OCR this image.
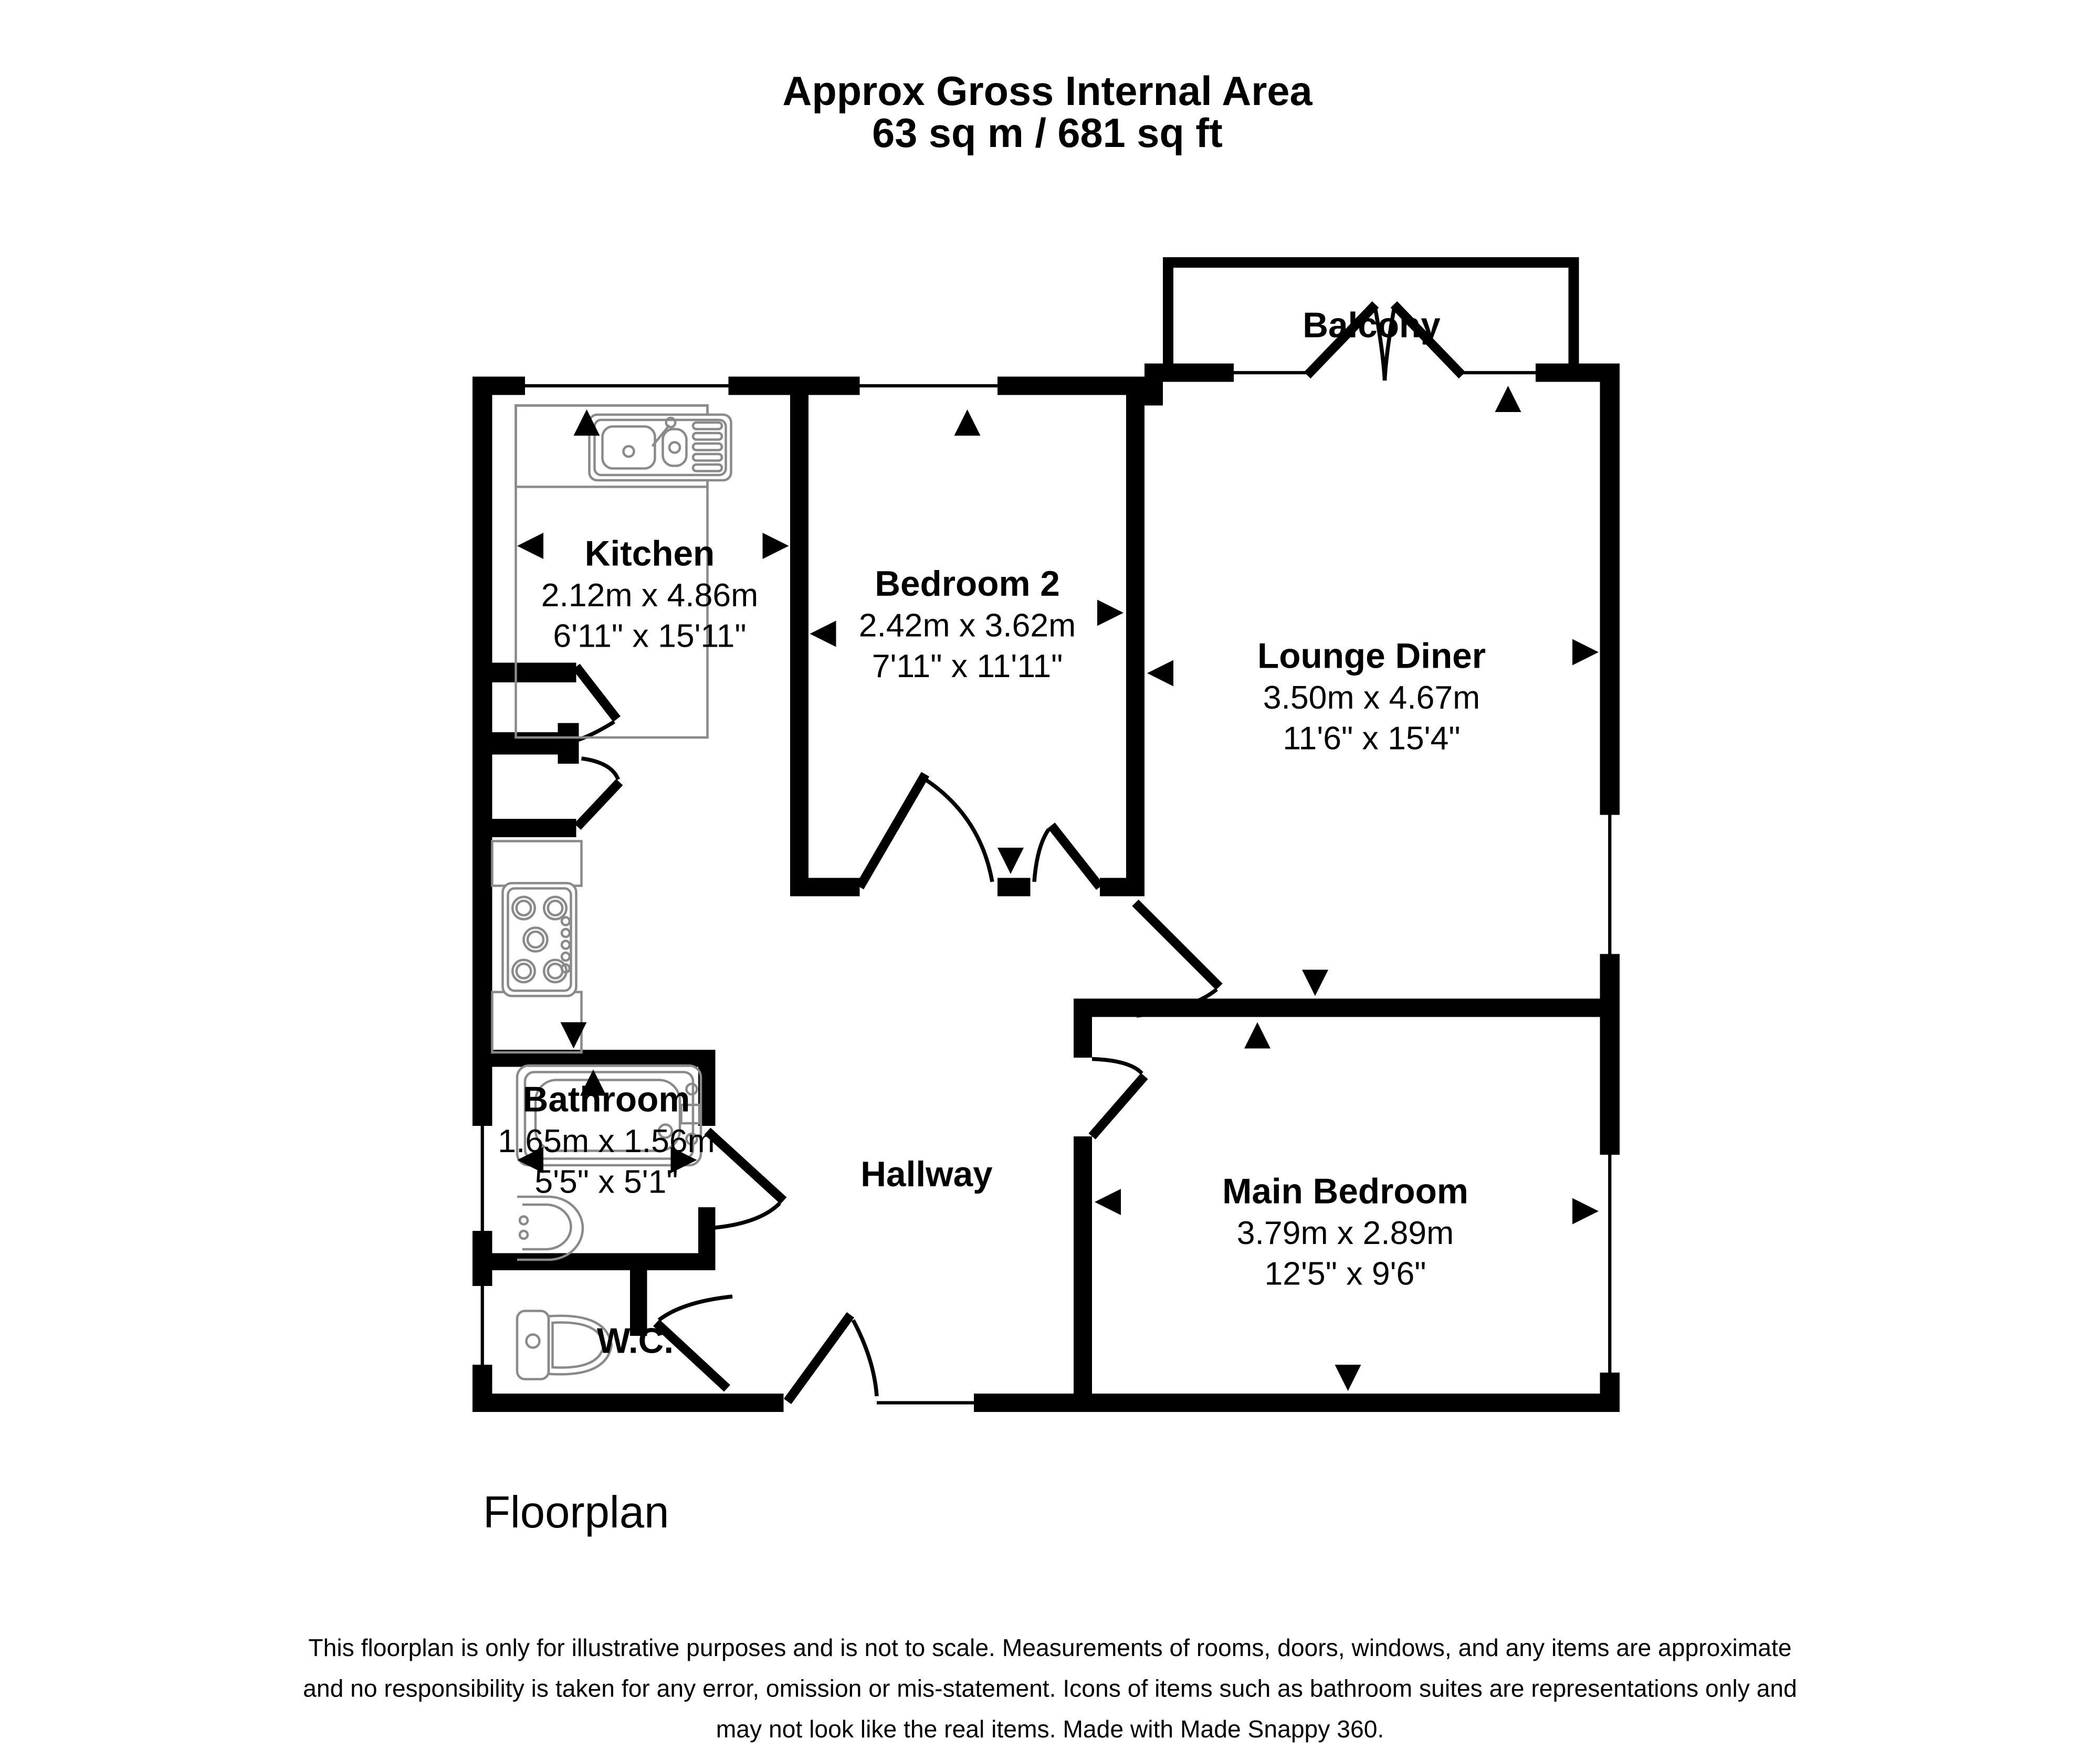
Approx Gross Internal Area
63 sq m / 681 sq ft
Balcony
Kitchen
2.12m x 4.86m
6'11" x 15'11"
Bedroom 2
2.42m x 3.62m
7'11" x 11'11"	Lounge Diner
3.50m x 4.67m
11'6" x 15'4"
Bathroom
1.65m x 1.56m
5'5" x 5'1"	Hallway
W.C.
Main Bedroom
3.79m x 2.89m
12'5" x 9'6"
Floorplan
This floorplan is only for illustrative purposes and is not to scale. Measurements of rooms, doors, windows, and any items are approximate
and no responsibility is taken for any error, omission or mis-statement. Icons of items such as bathroom suites are representations only and
may not look like the real items. Made with Made Snappy 360.
